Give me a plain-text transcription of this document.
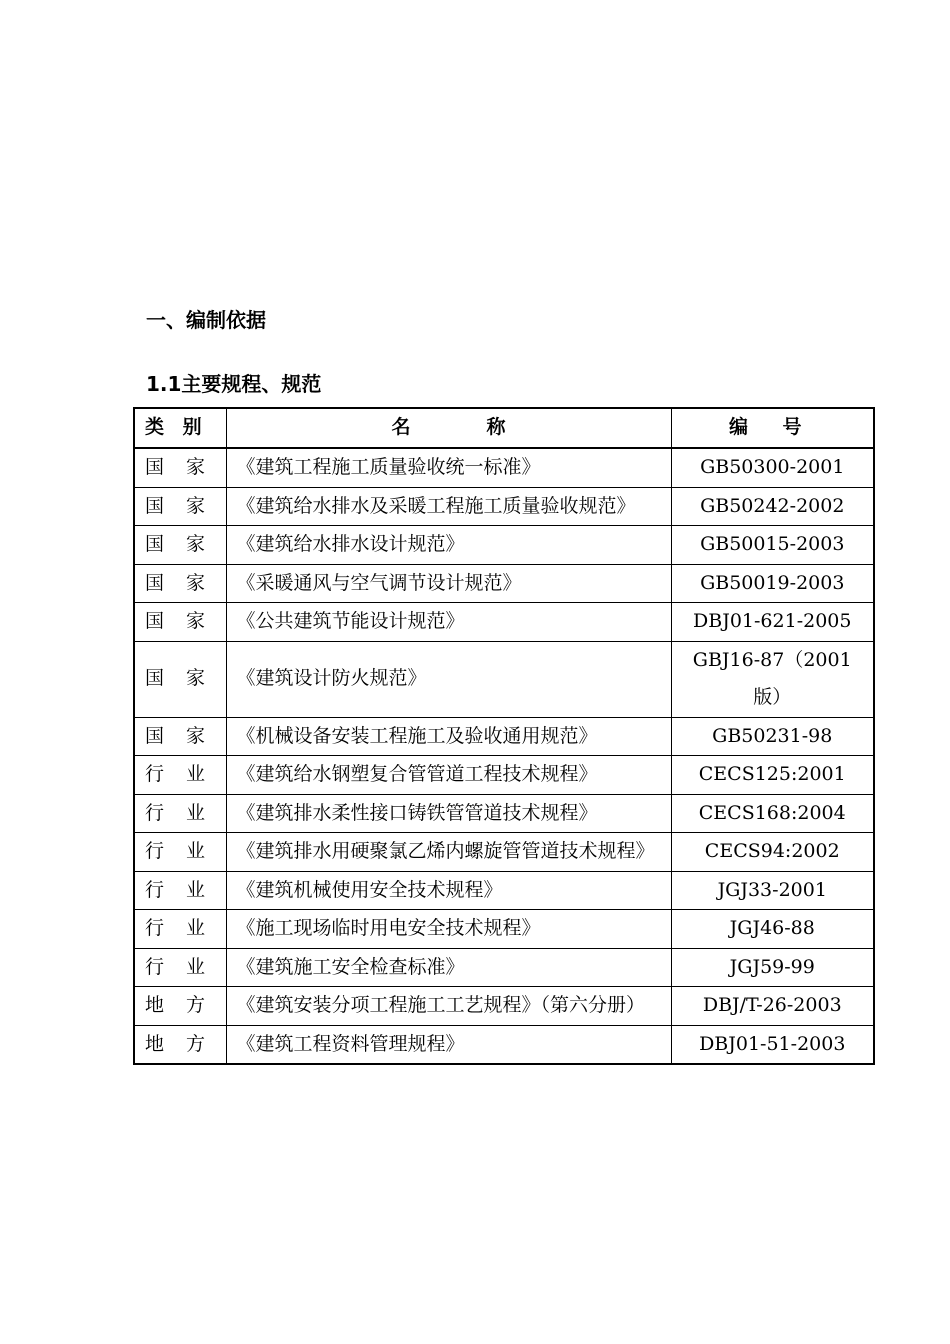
一、编制依据
1.1主要规程、规范
类 别	名　　　　称	编 号
国 家	《建筑工程施工质量验收统一标准》	GB50300-2001
国 家	《建筑给水排水及采暖工程施工质量验收规范》	GB50242-2002
国 家	《建筑给水排水设计规范》	GB50015-2003
国 家	《采暖通风与空气调节设计规范》	GB50019-2003
国 家	《公共建筑节能设计规范》	DBJ01-621-2005
国 家	《建筑设计防火规范》	GBJ16-87（2001版）
国 家	《机械设备安装工程施工及验收通用规范》	GB50231-98
行 业	《建筑给水钢塑复合管管道工程技术规程》	CECS125:2001
行 业	《建筑排水柔性接口铸铁管管道技术规程》	CECS168:2004
行 业	《建筑排水用硬聚氯乙烯内螺旋管管道技术规程》	CECS94:2002
行 业	《建筑机械使用安全技术规程》	JGJ33-2001
行 业	《施工现场临时用电安全技术规程》	JGJ46-88
行 业	《建筑施工安全检查标准》	JGJ59-99
地 方	《建筑安装分项工程施工工艺规程》（第六分册）	DBJ/T-26-2003
地 方	《建筑工程资料管理规程》	DBJ01-51-2003
